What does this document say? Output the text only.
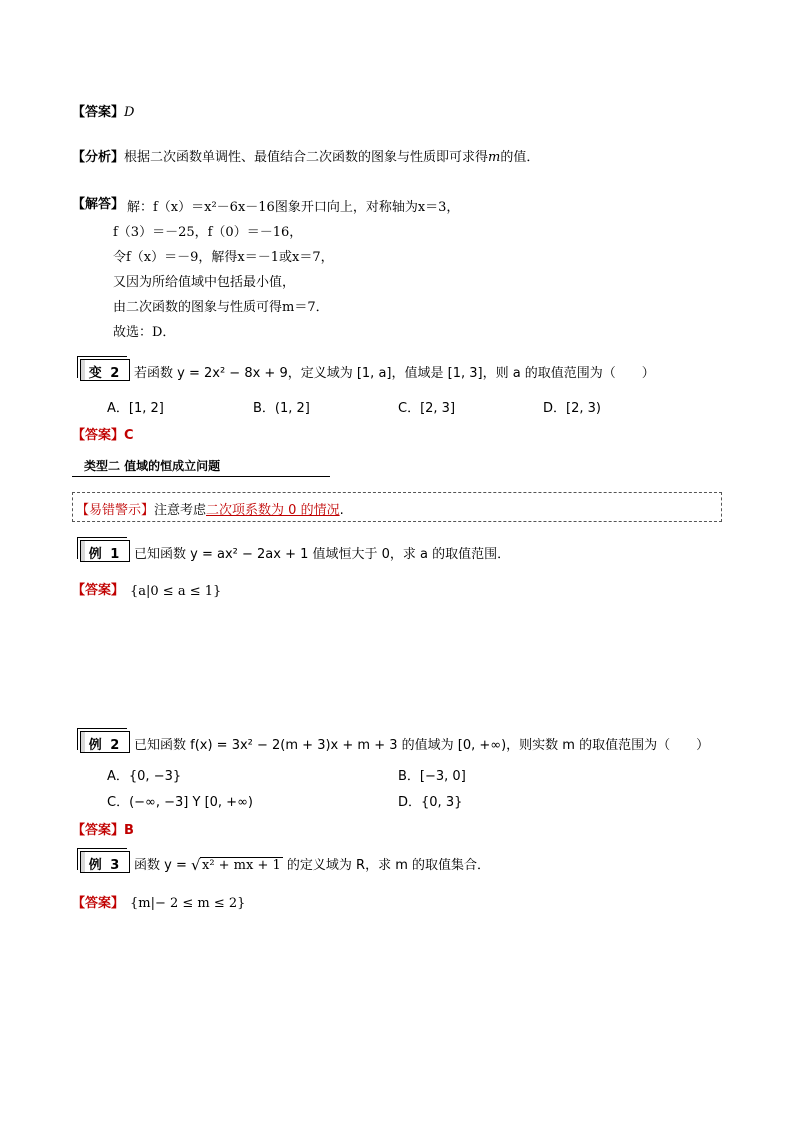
【答案】D
【分析】根据二次函数单调性、最值结合二次函数的图象与性质即可求得m的值．
【解答】 解：f（x）＝x²－6x－16图象开口向上，对称轴为x＝3，
f（3）＝－25，f（0）＝－16，
令f（x）＝－9，解得x＝－1或x＝7，
又因为所给值域中包括最小值，
由二次函数的图象与性质可得m＝7．
故选：D．
变 2 若函数 y = 2x² − 8x + 9，定义域为 [1, a]，值域是 [1, 3]，则 a 的取值范围为（　　）
A．[1, 2]	B．(1, 2]	C．[2, 3]	D．[2, 3)
【答案】C
类型二 值域的恒成立问题
【易错警示】注意考虑二次项系数为 0 的情况.
例 1 已知函数 y = ax² − 2ax + 1 值域恒大于 0，求 a 的取值范围．
【答案】 {a|0 ≤ a ≤ 1}
例 2 已知函数 f(x) = 3x² − 2(m + 3)x + m + 3 的值域为 [0, +∞)，则实数 m 的取值范围为（　　）
A．{0, −3}	B．[−3, 0]
C．(−∞, −3] Y [0, +∞)	D．{0, 3}
【答案】B
例 3 函数 y = √ x² + mx + 1 的定义域为 R，求 m 的取值集合．
【答案】 {m|− 2 ≤ m ≤ 2}
